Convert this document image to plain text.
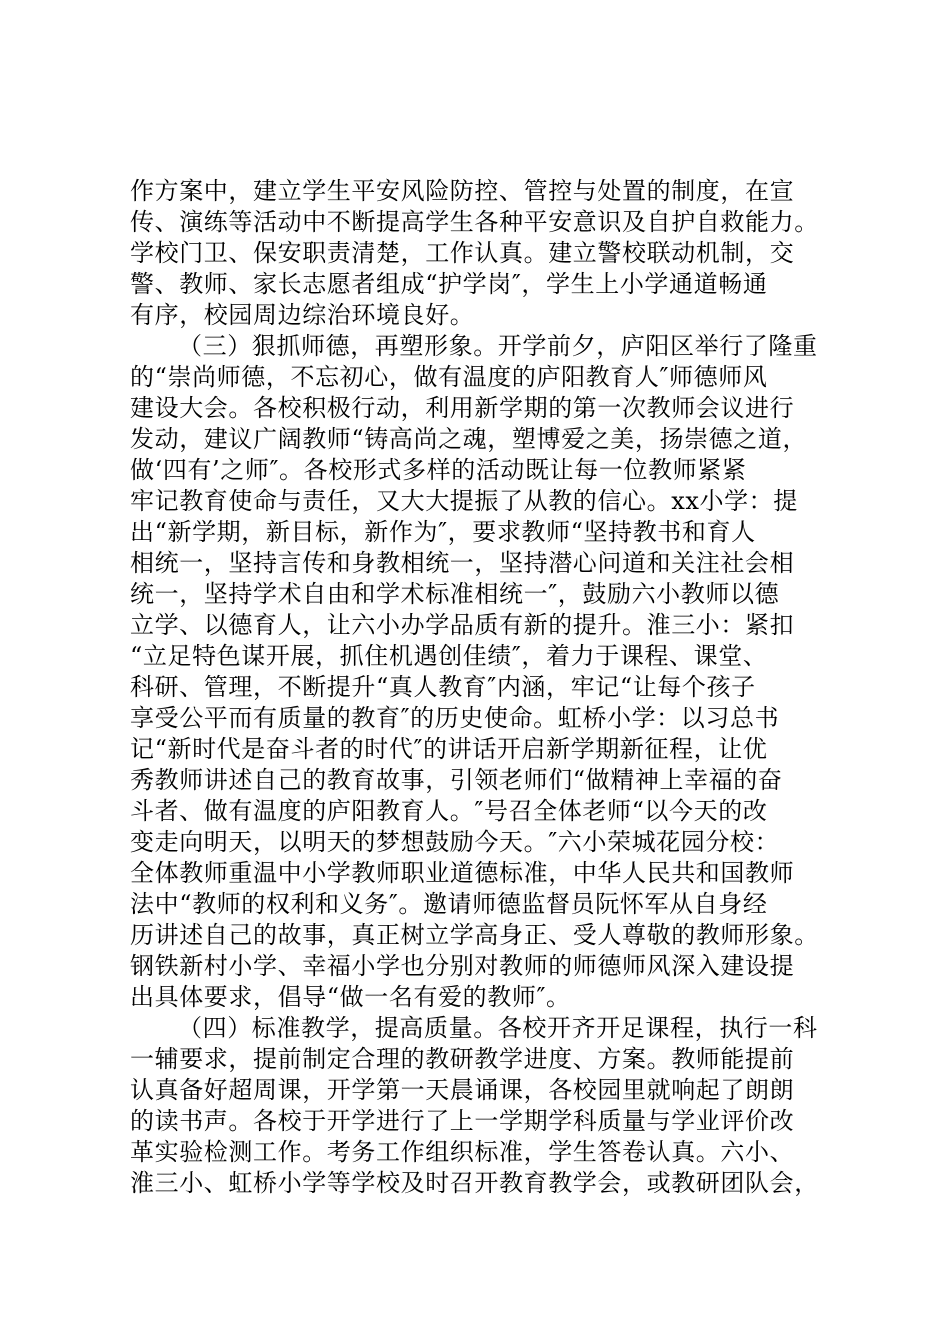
作方案中，建立学生平安风险防控、管控与处置的制度，在宣
传、演练等活动中不断提高学生各种平安意识及自护自救能力。
学校门卫、保安职责清楚，工作认真。建立警校联动机制，交
警、教师、家长志愿者组成“护学岗″，学生上小学通道畅通
有序，校园周边综治环境良好。
（三）狠抓师德，再塑形象。开学前夕，庐阳区举行了隆重
的“崇尚师德，不忘初心，做有温度的庐阳教育人″师德师风
建设大会。各校积极行动，利用新学期的第一次教师会议进行
发动，建议广阔教师“铸高尚之魂，塑博爱之美，扬崇德之道，
做‘四有’之师″。各校形式多样的活动既让每一位教师紧紧
牢记教育使命与责任，又大大提振了从教的信心。xx小学：提
出“新学期，新目标，新作为″，要求教师“坚持教书和育人
相统一，坚持言传和身教相统一，坚持潜心问道和关注社会相
统一，坚持学术自由和学术标准相统一″，鼓励六小教师以德
立学、以德育人，让六小办学品质有新的提升。淮三小：紧扣
“立足特色谋开展，抓住机遇创佳绩″，着力于课程、课堂、
科研、管理，不断提升“真人教育″内涵，牢记“让每个孩子
享受公平而有质量的教育″的历史使命。虹桥小学：以习总书
记“新时代是奋斗者的时代″的讲话开启新学期新征程，让优
秀教师讲述自己的教育故事，引领老师们“做精神上幸福的奋
斗者、做有温度的庐阳教育人。″号召全体老师“以今天的改
变走向明天，以明天的梦想鼓励今天。″六小荣城花园分校：
全体教师重温中小学教师职业道德标准，中华人民共和国教师
法中“教师的权利和义务″。邀请师德监督员阮怀军从自身经
历讲述自己的故事，真正树立学高身正、受人尊敬的教师形象。
钢铁新村小学、幸福小学也分别对教师的师德师风深入建设提
出具体要求，倡导“做一名有爱的教师″。
（四）标准教学，提高质量。各校开齐开足课程，执行一科
一辅要求，提前制定合理的教研教学进度、方案。教师能提前
认真备好超周课，开学第一天晨诵课，各校园里就响起了朗朗
的读书声。各校于开学进行了上一学期学科质量与学业评价改
革实验检测工作。考务工作组织标准，学生答卷认真。六小、
淮三小、虹桥小学等学校及时召开教育教学会，或教研团队会，
